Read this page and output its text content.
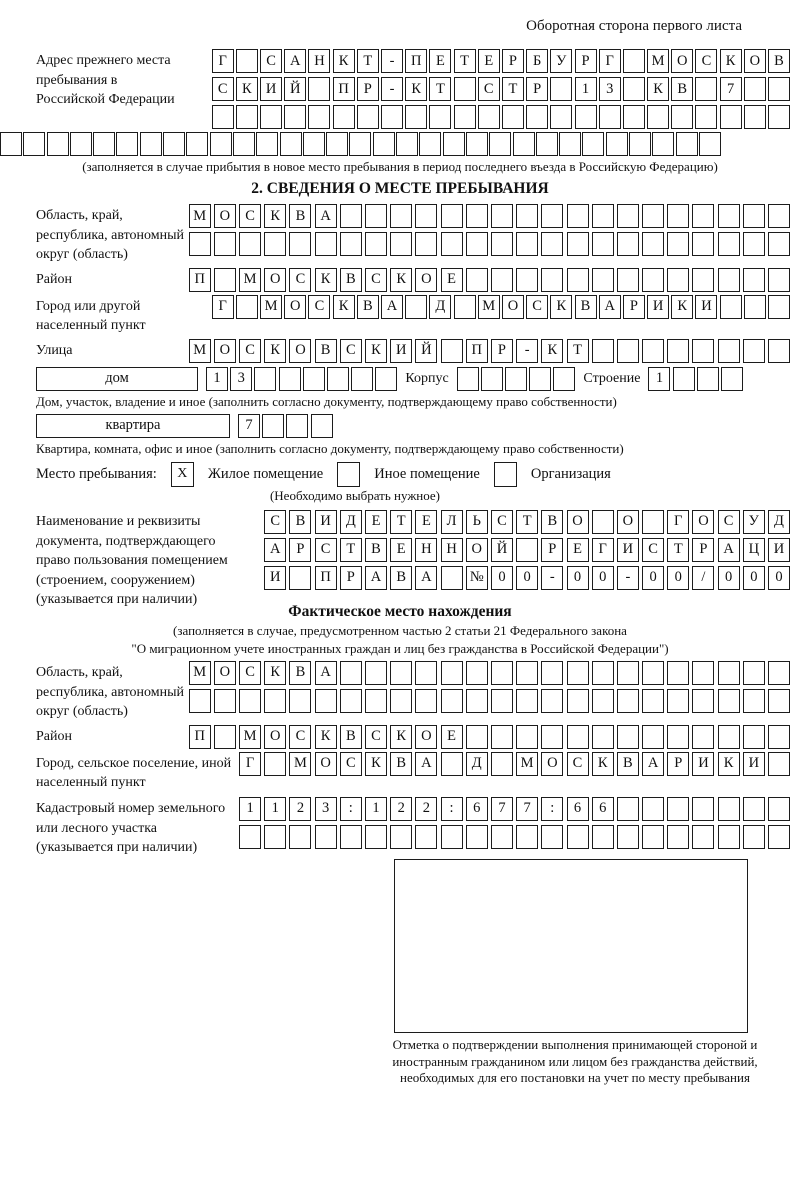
Оборотная сторона первого листа
Адрес прежнего места пребывания в Российской Федерации
Г	С А Н К	Т	-	П	Е	Т	Е	Р	Б	У	Р	Г	М О С	К О В
С	К И Й	П	Р	-	К	Т	С	Т	Р	1	3	К	В	7
(заполняется в случае прибытия в новое место пребывания в период последнего въезда в Российскую Федерацию)
2. СВЕДЕНИЯ О МЕСТЕ ПРЕБЫВАНИЯ
Область, край, республика, автономный округ (область)
М О	С	К	В	А
Район	П	М О	С	К	В	С	К	О	Е
Город или другой населенный пункт
Г	М О С	К	В А	Д	М О С	К	В А	Р	И К И
Улица	М О	С	К	О	В	С	К	И	Й	П	Р	-	К	Т
дом	1	3	Корпус	Строение	1
Дом, участок, владение и иное (заполнить согласно документу, подтверждающему право собственности)
квартира	7
Квартира, комната, офис и иное (заполнить согласно документу, подтверждающему право собственности)
Место пребывания:	X	Жилое помещение	Иное помещение	Организация
(Необходимо выбрать нужное)
Наименование и реквизиты документа, подтверждающего право пользования помещением (строением, сооружением) (указывается при наличии)
С	В	И	Д	Е	Т	Е	Л	Ь	С	Т	В	О	О	Г	О	С	У	Д
А	Р	С	Т	В	Е	Н	Н	О	Й	Р	Е	Г	И	С	Т	Р	А	Ц	И
И	П	Р	А	В	А	№	0	0	-	0	0	-	0	0	/	0	0	0
Фактическое место нахождения
(заполняется в случае, предусмотренном частью 2 статьи 21 Федерального закона
"О миграционном учете иностранных граждан и лиц без гражданства в Российской Федерации")
Область, край, республика, автономный округ (область)
М О	С	К	В	А
Район	П	М О	С	К	В	С	К	О	Е
Город, сельское поселение, иной населенный пункт
Г	М О	С	К	В	А	Д	М О	С	К	В	А	Р	И	К	И
Кадастровый номер земельного или лесного участка (указывается при наличии)
1	1	2	3	:	1	2	2	:	6	7	7	:	6	6
Отметка о подтверждении выполнения принимающей стороной и иностранным гражданином или лицом без гражданства действий, необходимых для его постановки на учет по месту пребывания
